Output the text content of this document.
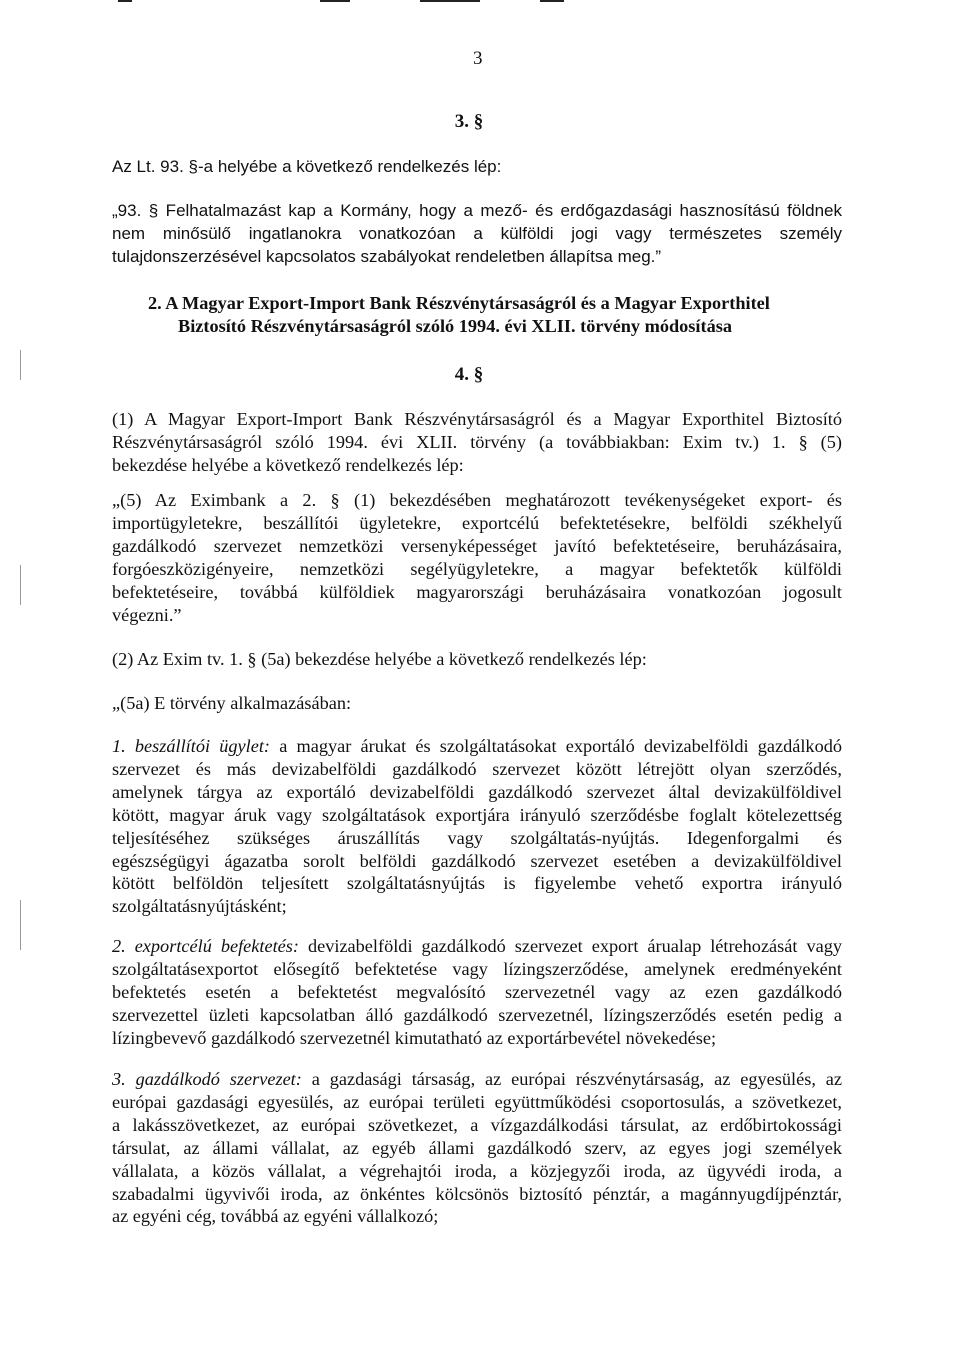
3

3. §

Az Lt. 93. §-a helyébe a következő rendelkezés lép:

„93. § Felhatalmazást kap a Kormány, hogy a mező- és erdőgazdasági hasznosítású földnek
nem minősülő ingatlanokra vonatkozóan a külföldi jogi vagy természetes személy
tulajdonszerzésével kapcsolatos szabályokat rendeletben állapítsa meg.”
2. A Magyar Export-Import Bank Részvénytársaságról és a Magyar Exporthitel
Biztosító Részvénytársaságról szóló 1994. évi XLII. törvény módosítása

4. §

(1) A Magyar Export-Import Bank Részvénytársaságról és a Magyar Exporthitel Biztosító
Részvénytársaságról szóló 1994. évi XLII. törvény (a továbbiakban: Exim tv.) 1. § (5)
bekezdése helyébe a következő rendelkezés lép:
„(5) Az Eximbank a 2. § (1) bekezdésében meghatározott tevékenységeket export- és
importügyletekre, beszállítói ügyletekre, exportcélú befektetésekre, belföldi székhelyű
gazdálkodó szervezet nemzetközi versenyképességet javító befektetéseire, beruházásaira,
forgóeszközigényeire, nemzetközi segélyügyletekre, a magyar befektetők külföldi
befektetéseire, továbbá külföldiek magyarországi beruházásaira vonatkozóan jogosult
végezni.”

(2) Az Exim tv. 1. § (5a) bekezdése helyébe a következő rendelkezés lép:

„(5a) E törvény alkalmazásában:

1. beszállítói ügylet: a magyar árukat és szolgáltatásokat exportáló devizabelföldi gazdálkodó
szervezet és más devizabelföldi gazdálkodó szervezet között létrejött olyan szerződés,
amelynek tárgya az exportáló devizabelföldi gazdálkodó szervezet által devizakülföldivel
kötött, magyar áruk vagy szolgáltatások exportjára irányuló szerződésbe foglalt kötelezettség
teljesítéséhez szükséges áruszállítás vagy szolgáltatás-nyújtás. Idegenforgalmi és
egészségügyi ágazatba sorolt belföldi gazdálkodó szervezet esetében a devizakülföldivel
kötött belföldön teljesített szolgáltatásnyújtás is figyelembe vehető exportra irányuló
szolgáltatásnyújtásként;
2. exportcélú befektetés: devizabelföldi gazdálkodó szervezet export árualap létrehozását vagy
szolgáltatásexportot elősegítő befektetése vagy lízingszerződése, amelynek eredményeként
befektetés esetén a befektetést megvalósító szervezetnél vagy az ezen gazdálkodó
szervezettel üzleti kapcsolatban álló gazdálkodó szervezetnél, lízingszerződés esetén pedig a
lízingbevevő gazdálkodó szervezetnél kimutatható az exportárbevétel növekedése;
3. gazdálkodó szervezet: a gazdasági társaság, az európai részvénytársaság, az egyesülés, az
európai gazdasági egyesülés, az európai területi együttműködési csoportosulás, a szövetkezet,
a lakásszövetkezet, az európai szövetkezet, a vízgazdálkodási társulat, az erdőbirtokossági
társulat, az állami vállalat, az egyéb állami gazdálkodó szerv, az egyes jogi személyek
vállalata, a közös vállalat, a végrehajtói iroda, a közjegyzői iroda, az ügyvédi iroda, a
szabadalmi ügyvivői iroda, az önkéntes kölcsönös biztosító pénztár, a magánnyugdíjpénztár,
az egyéni cég, továbbá az egyéni vállalkozó;
